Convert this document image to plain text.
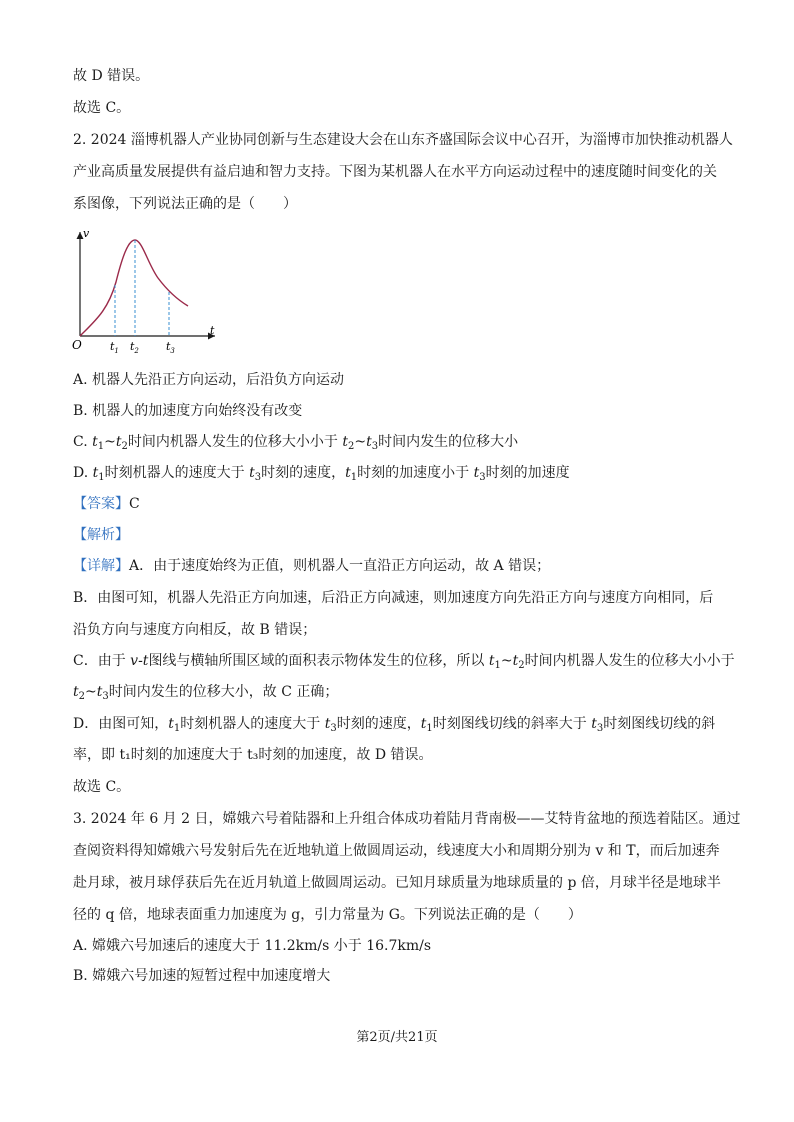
故 D 错误。
故选 C。
2. 2024 淄博机器人产业协同创新与生态建设大会在山东齐盛国际会议中心召开，为淄博市加快推动机器人
产业高质量发展提供有益启迪和智力支持。下图为某机器人在水平方向运动过程中的速度随时间变化的关
系图像，下列说法正确的是（　　）
v
t
O	$t_1$ $t_2$ $t_3$
A. 机器人先沿正方向运动，后沿负方向运动
B. 机器人的加速度方向始终没有改变
C. $t_1\sim t_2$时间内机器人发生的位移大小小于 $t_2\sim t_3$时间内发生的位移大小
D. $t_1$时刻机器人的速度大于 $t_3$时刻的速度，$t_1$时刻的加速度小于 $t_3$时刻的加速度
【答案】C
【解析】
【详解】A．由于速度始终为正值，则机器人一直沿正方向运动，故 A 错误；
B．由图可知，机器人先沿正方向加速，后沿正方向减速，则加速度方向先沿正方向与速度方向相同，后
沿负方向与速度方向相反，故 B 错误；
C．由于 v-t图线与横轴所围区域的面积表示物体发生的位移，所以 $t_1\sim t_2$时间内机器人发生的位移大小小于
$t_2\sim t_3$时间内发生的位移大小，故 C 正确；
D．由图可知，$t_1$时刻机器人的速度大于 $t_3$时刻的速度，$t_1$时刻图线切线的斜率大于 $t_3$时刻图线切线的斜
率，即 t₁时刻的加速度大于 t₃时刻的加速度，故 D 错误。
故选 C。
3. 2024 年 6 月 2 日，嫦娥六号着陆器和上升组合体成功着陆月背南极——艾特肯盆地的预选着陆区。通过
查阅资料得知嫦娥六号发射后先在近地轨道上做圆周运动，线速度大小和周期分别为 v 和 T，而后加速奔
赴月球，被月球俘获后先在近月轨道上做圆周运动。已知月球质量为地球质量的 p 倍，月球半径是地球半
径的 q 倍，地球表面重力加速度为 g，引力常量为 G。下列说法正确的是（　　）
A. 嫦娥六号加速后的速度大于 11.2km/s 小于 16.7km/s
B. 嫦娥六号加速的短暂过程中加速度增大
第2页/共21页
